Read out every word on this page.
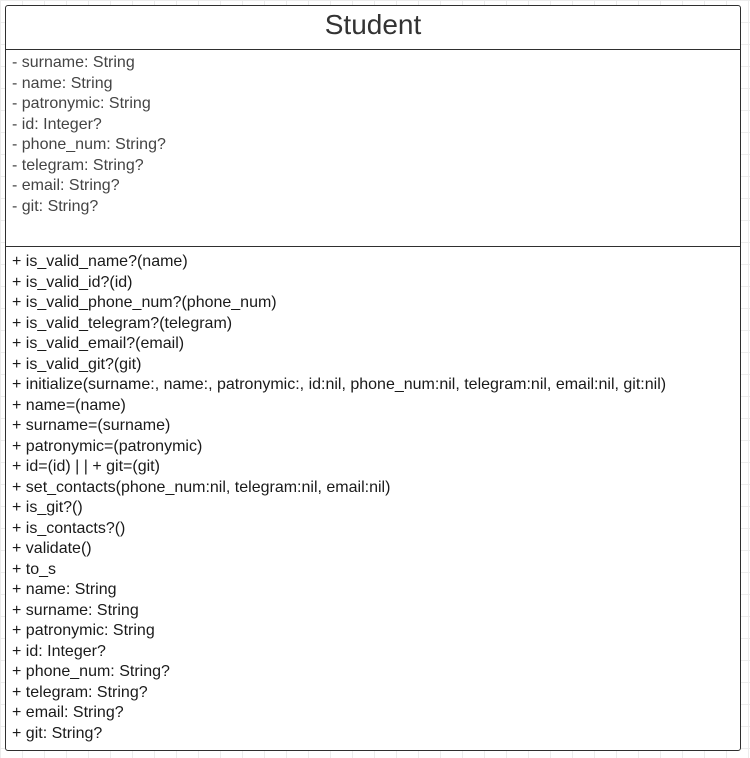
Student
- surname: String
- name: String
- patronymic: String
- id: Integer?
- phone_num: String?
- telegram: String?
- email: String?
- git: String?
+ is_valid_name?(name)
+ is_valid_id?(id)
+ is_valid_phone_num?(phone_num)
+ is_valid_telegram?(telegram)
+ is_valid_email?(email)
+ is_valid_git?(git)
+ initialize(surname:, name:, patronymic:, id:nil, phone_num:nil, telegram:nil, email:nil, git:nil)
+ name=(name)
+ surname=(surname)
+ patronymic=(patronymic)
+ id=(id) | | + git=(git)
+ set_contacts(phone_num:nil, telegram:nil, email:nil)
+ is_git?()
+ is_contacts?()
+ validate()
+ to_s
+ name: String
+ surname: String
+ patronymic: String
+ id: Integer?
+ phone_num: String?
+ telegram: String?
+ email: String?
+ git: String?
